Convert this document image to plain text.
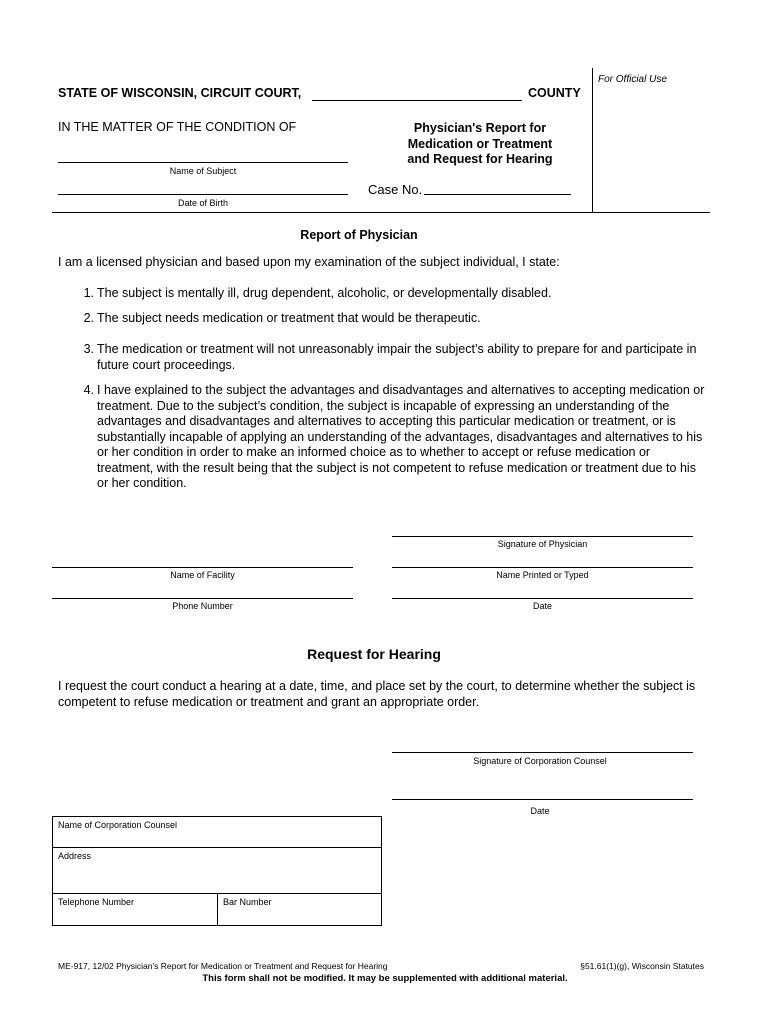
For Official Use
STATE OF WISCONSIN, CIRCUIT COURT,	COUNTY
IN THE MATTER OF THE CONDITION OF
Name of Subject
Date of Birth
Physician's Report for
Medication or Treatment
and Request for Hearing
Case No.
Report of Physician
I am a licensed physician and based upon my examination of the subject individual, I state:
1. The subject is mentally ill, drug dependent, alcoholic, or developmentally disabled.
2. The subject needs medication or treatment that would be therapeutic.
3. The medication or treatment will not unreasonably impair the subject’s ability to prepare for and participate in
future court proceedings.
4. I have explained to the subject the advantages and disadvantages and alternatives to accepting medication or
treatment. Due to the subject’s condition, the subject is incapable of expressing an understanding of the
advantages and disadvantages and alternatives to accepting this particular medication or treatment, or is
substantially incapable of applying an understanding of the advantages, disadvantages and alternatives to his
or her condition in order to make an informed choice as to whether to accept or refuse medication or
treatment, with the result being that the subject is not competent to refuse medication or treatment due to his
or her condition.
Signature of Physician
Name of Facility	Name Printed or Typed
Phone Number	Date
Request for Hearing
I request the court conduct a hearing at a date, time, and place set by the court, to determine whether the subject is
competent to refuse medication or treatment and grant an appropriate order.
Signature of Corporation Counsel
Date
Name of Corporation Counsel
Address
Telephone Number	Bar Number
ME-917, 12/02 Physician's Report for Medication or Treatment and Request for Hearing	§51.61(1)(g), Wisconsin Statutes
This form shall not be modified. It may be supplemented with additional material.
